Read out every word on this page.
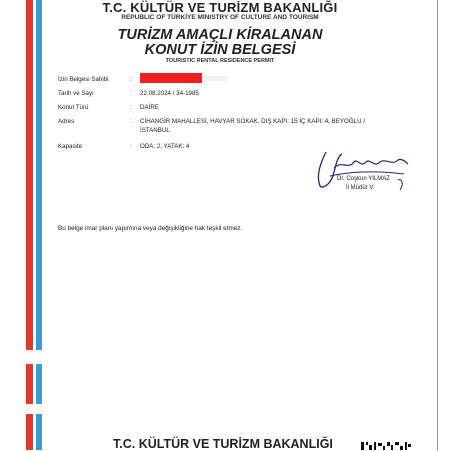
T.C. KÜLTÜR VE TURİZM BAKANLIĞI
REPUBLIC OF TÜRKİYE MINISTRY OF CULTURE AND TOURISM
TURİZM AMAÇLI KİRALANAN
KONUT İZİN BELGESİ
TOURISTIC RENTAL RESIDENCE PERMIT
İzin Belgesi Sahibi	:
Tarih ve Sayı	: 22.08.2024 / 34-1985
Konut Türü	: DAİRE
Adres	: CİHANGİR MAHALLESİ, HAVYAR SOKAK, DIŞ KAPI: 15 İÇ KAPI: 4, BEYOĞLU /
İSTANBUL
Kapasite	: ODA: 2, YATAK: 4
Dr. Coşkun YILMAZ
İl Müdür V.
Bu belge imar planı yapımına veya değişikliğine hak teşkil etmez.
T.C. KÜLTÜR VE TURİZM BAKANLIĞI
